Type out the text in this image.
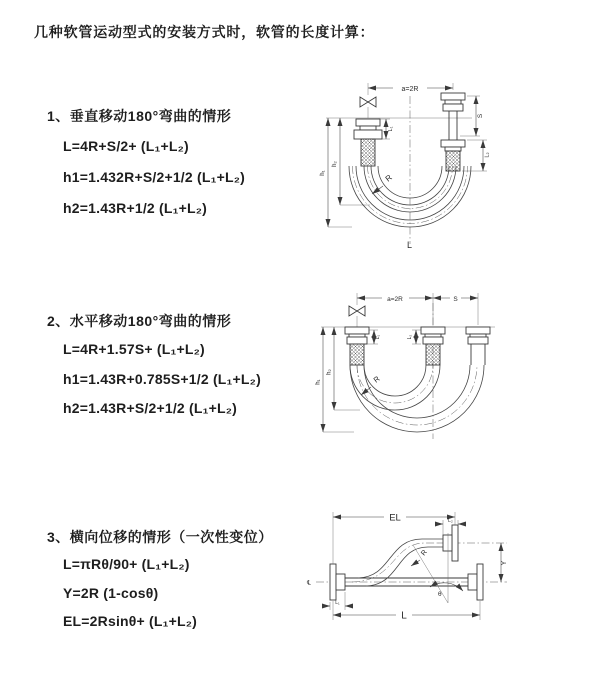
几种软管运动型式的安装方式时，软管的长度计算：
1、垂直移动180°弯曲的情形
L=4R+S/2+ (L₁+L₂)
h1=1.432R+S/2+1/2 (L₁+L₂)
h2=1.43R+1/2 (L₁+L₂)
a=2R
L₁
S
L₂
h₁
h₂
R
L
2、水平移动180°弯曲的情形
L=4R+1.57S+ (L₁+L₂)
h1=1.43R+0.785S+1/2 (L₁+L₂)
h2=1.43R+S/2+1/2 (L₁+L₂)
a=2R	S
L₁	L₂
h₁
h₂
R
3、横向位移的情形（一次性变位）
L=πRθ/90+ (L₁+L₂)
Y=2R (1-cosθ)
EL=2Rsinθ+ (L₁+L₂)
℄
EL	L₂
Y
L
L₁
θ
R
